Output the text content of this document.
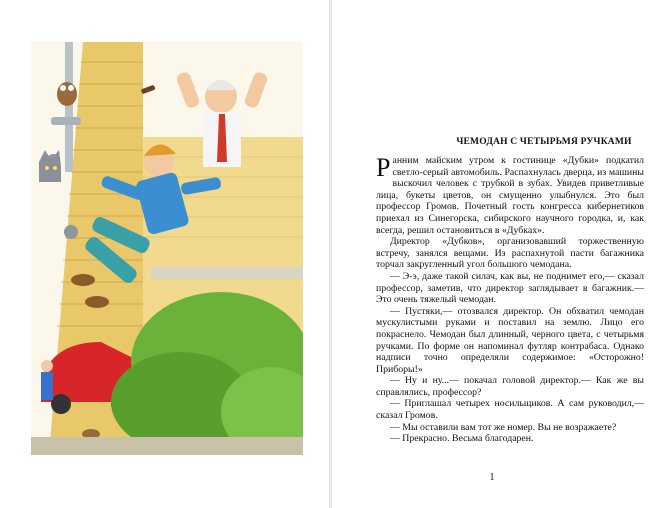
ЧЕМОДАН С ЧЕТЫРЬМЯ РУЧКАМИ

Ранним майским утром к гостинице «Дубки» подкатил светло-серый автомобиль. Распахнулась дверца, из машины выскочил человек с трубкой в зубах. Увидев приветливые лица, букеты цветов, он смущенно улыбнулся. Это был профессор Громов. Почетный гость конгресса кибернетиков приехал из Синегорска, сибирского научного городка, и, как всегда, решил остановиться в «Дубках».

Директор «Дубков», организовавший торжественную встречу, занялся вещами. Из распахнутой пасти багажника торчал закругленный угол большого чемодана.

— Э-э, даже такой силач, как вы, не поднимет его,— сказал профессор, заметив, что директор заглядывает в багажник.— Это очень тяжелый чемодан.

— Пустяки,— отозвался директор. Он обхватил чемодан мускулистыми руками и поставил на землю. Лицо его покраснело. Чемодан был длинный, черного цвета, с четырьмя ручками. По форме он напоминал футляр контрабаса. Однако надписи точно определяли содержимое: «Осторожно! Приборы!»

— Ну и ну...— покачал головой директор.— Как же вы справлялись, профессор?

— Приглашал четырех носильщиков. А сам руководил,— сказал Громов.

— Мы оставили вам тот же номер. Вы не возражаете?

— Прекрасно. Весьма благодарен.

1
